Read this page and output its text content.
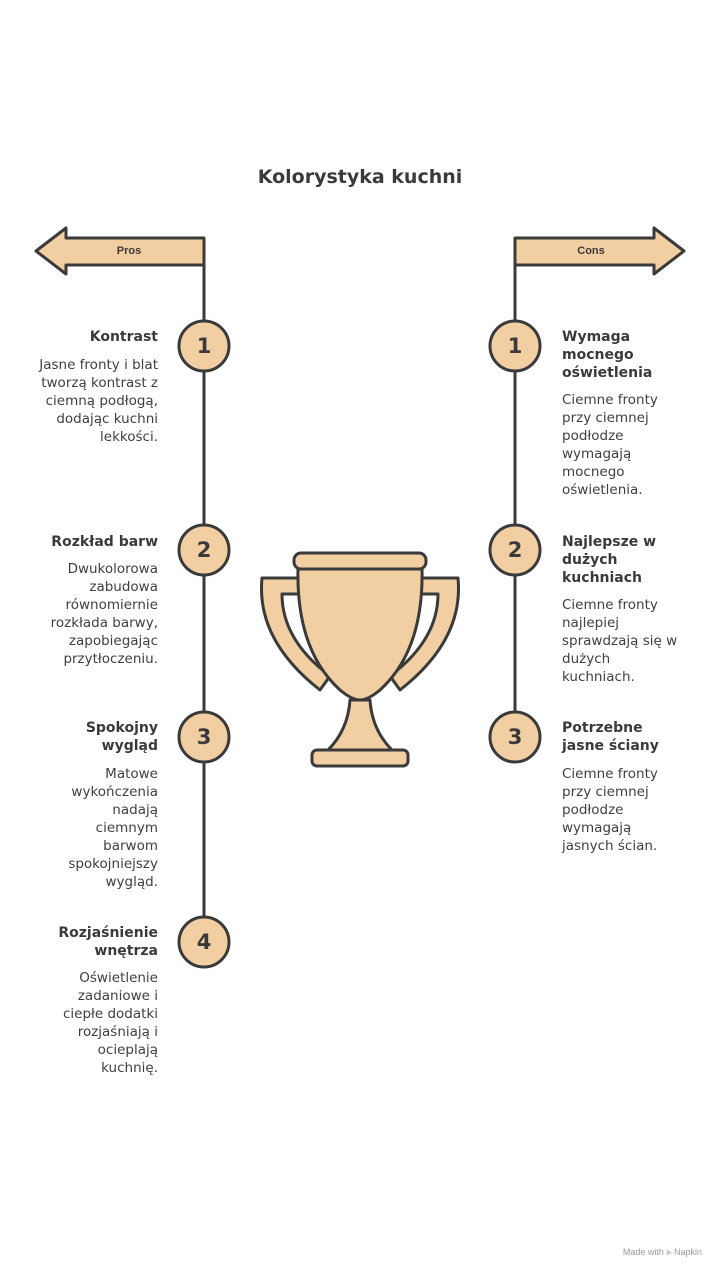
Kolorystyka kuchni
Pros	Cons
1
2
3
4
1
2
3
Kontrast
Jasne fronty i blat tworzą kontrast z ciemną podłogą, dodając kuchni lekkości.
Rozkład barw
Dwukolorowa zabudowa równomiernie rozkłada barwy, zapobiegając przytłoczeniu.
Spokojny wygląd
Matowe wykończenia nadają ciemnym barwom spokojniejszy wygląd.
Rozjaśnienie wnętrza
Oświetlenie zadaniowe i ciepłe dodatki rozjaśniają i ocieplają kuchnię.
Wymaga mocnego oświetlenia
Ciemne fronty przy ciemnej podłodze wymagają mocnego oświetlenia.
Najlepsze w dużych kuchniach
Ciemne fronty najlepiej sprawdzają się w dużych kuchniach.
Potrzebne jasne ściany
Ciemne fronty przy ciemnej podłodze wymagają jasnych ścian.
Made with ⪢ Napkin
